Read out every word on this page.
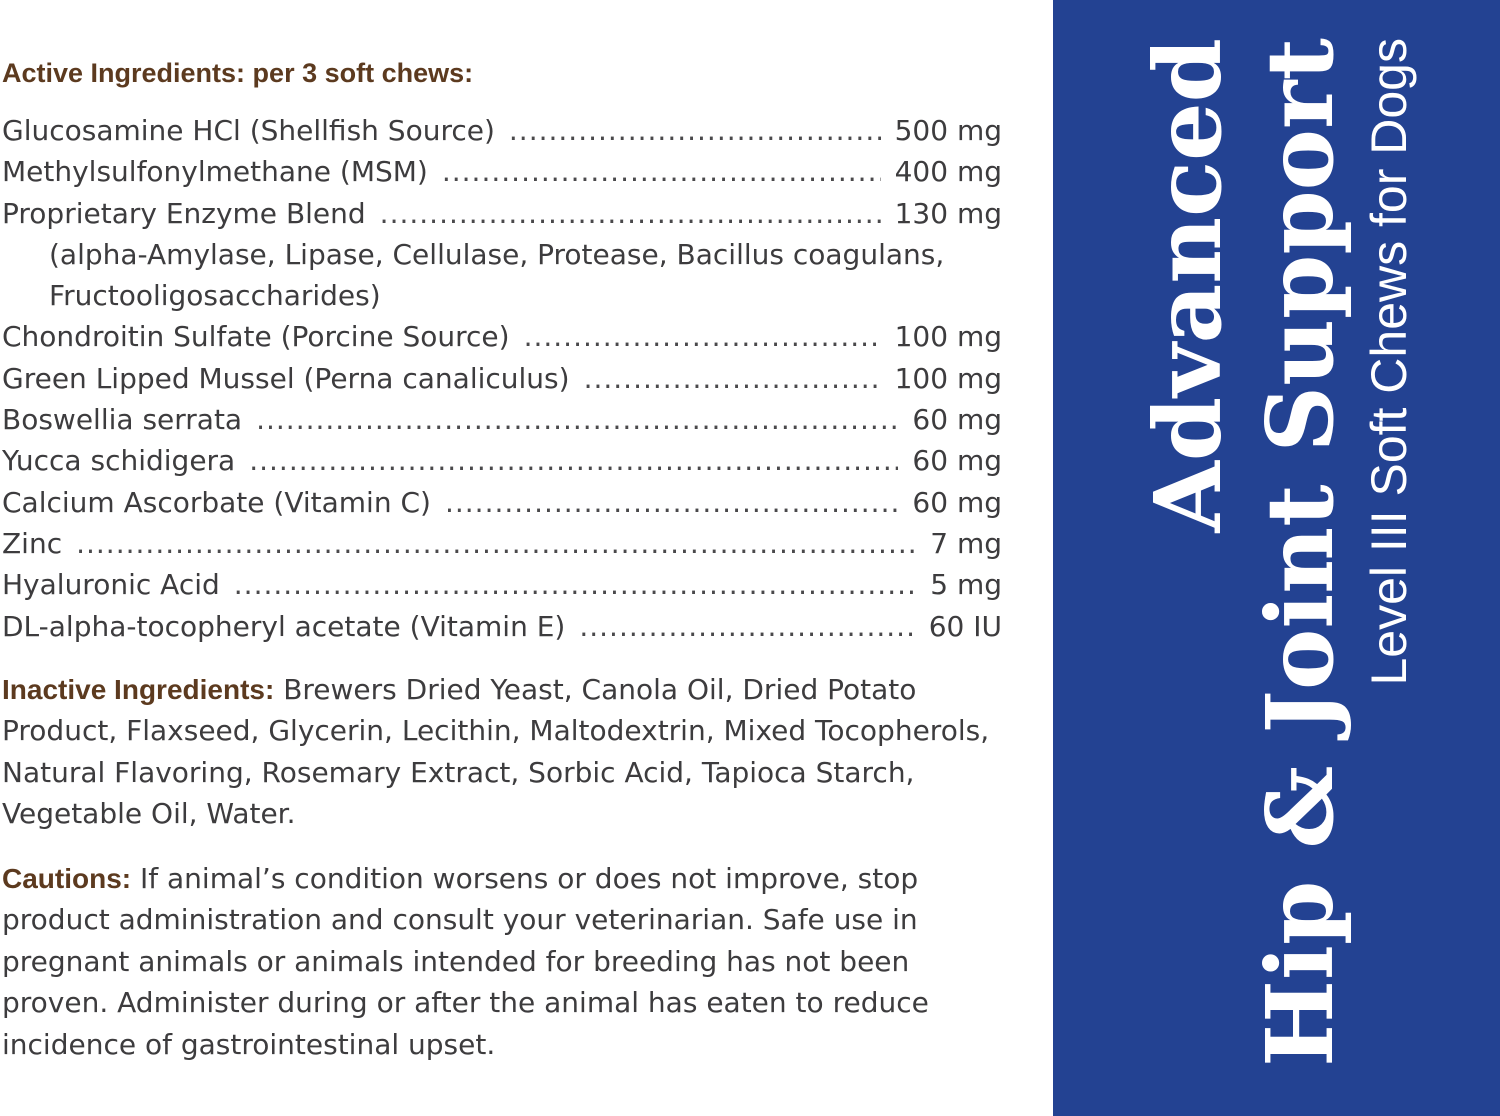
Active Ingredients: per 3 soft chews:
Glucosamine HCl (Shellfish Source) .....	500 mg
Methylsulfonylmethane (MSM) .....	400 mg
Proprietary Enzyme Blend .....	130 mg
(alpha-Amylase, Lipase, Cellulase, Protease, Bacillus coagulans,
Fructooligosaccharides)
Chondroitin Sulfate (Porcine Source) .....	100 mg
Green Lipped Mussel (Perna canaliculus) .....	100 mg
Boswellia serrata .....	60 mg
Yucca schidigera .....	60 mg
Calcium Ascorbate (Vitamin C) .....	60 mg
Zinc .....	7 mg
Hyaluronic Acid .....	5 mg
DL-alpha-tocopheryl acetate (Vitamin E) .....	60 IU

Inactive Ingredients: Brewers Dried Yeast, Canola Oil, Dried Potato Product, Flaxseed, Glycerin, Lecithin, Maltodextrin, Mixed Tocopherols, Natural Flavoring, Rosemary Extract, Sorbic Acid, Tapioca Starch, Vegetable Oil, Water.

Cautions: If animal’s condition worsens or does not improve, stop product administration and consult your veterinarian. Safe use in pregnant animals or animals intended for breeding has not been proven. Administer during or after the animal has eaten to reduce incidence of gastrointestinal upset.

Advanced Hip & Joint Support Level III Soft Chews for Dogs
